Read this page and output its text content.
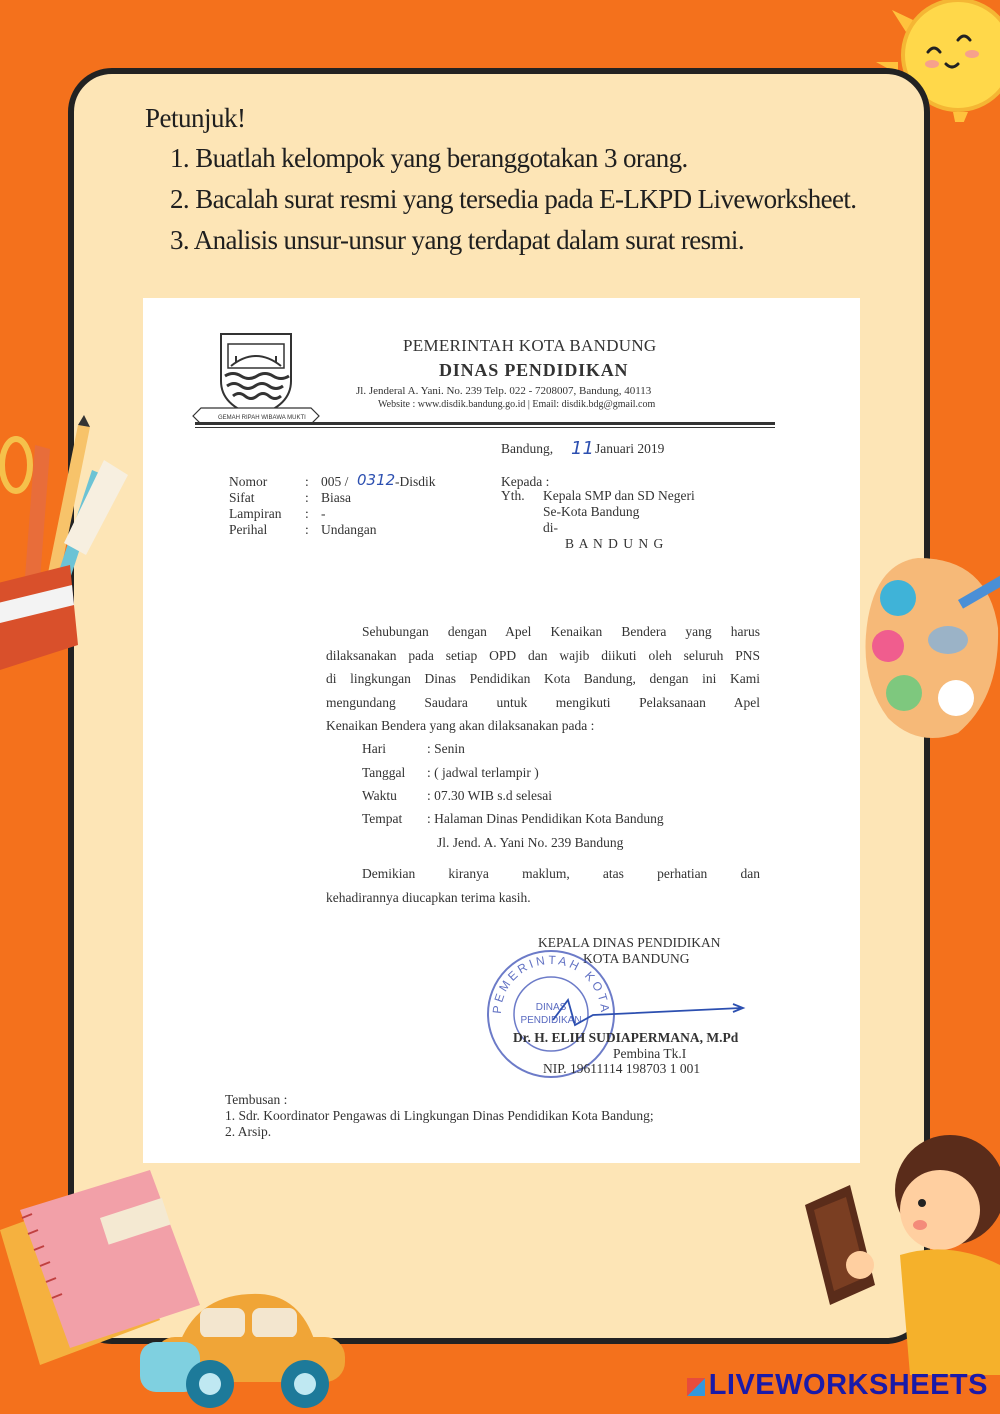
Petunjuk!
1. Buatlah kelompok yang beranggotakan 3 orang.
2. Bacalah surat resmi yang tersedia pada E-LKPD Liveworksheet.
3. Analisis unsur-unsur yang terdapat dalam surat resmi.
GEMAH RIPAH WIBAWA MUKTI
PEMERINTAH KOTA BANDUNG
DINAS PENDIDIKAN
Jl. Jenderal A. Yani. No. 239 Telp. 022 - 7208007, Bandung, 40113
Website : www.disdik.bandung.go.id | Email: disdik.bdg@gmail.com
Bandung, 11 Januari 2019
Nomor
Sifat
Lampiran
Perihal
:
:
:
:
005 / 0312 -Disdik
Biasa
-
Undangan
Kepada :
Yth. Kepala SMP dan SD Negeri
Se-Kota Bandung
di-
B A N D U N G
Sehubungan dengan Apel Kenaikan Bendera yang harus
dilaksanakan pada setiap OPD dan wajib diikuti oleh seluruh PNS
di lingkungan Dinas Pendidikan Kota Bandung, dengan ini Kami
mengundang Saudara untuk mengikuti Pelaksanaan Apel
Kenaikan Bendera yang akan dilaksanakan pada :
Hari	: Senin
Tanggal : ( jadwal terlampir )
Waktu : 07.30 WIB s.d selesai
Tempat : Halaman Dinas Pendidikan Kota Bandung
Jl. Jend. A. Yani No. 239 Bandung
Demikian kiranya maklum, atas perhatian dan
kehadirannya diucapkan terima kasih.
KEPALA DINAS PENDIDIKAN
KOTA BANDUNG
PEMERINTAH KOTA
DINAS
PENDIDIKAN
Dr. H. ELIH SUDIAPERMANA, M.Pd
Pembina Tk.I
NIP. 19611114 198703 1 001
Tembusan :
1. Sdr. Koordinator Pengawas di Lingkungan Dinas Pendidikan Kota Bandung;
2. Arsip.
LIVEWORKSHEETS
